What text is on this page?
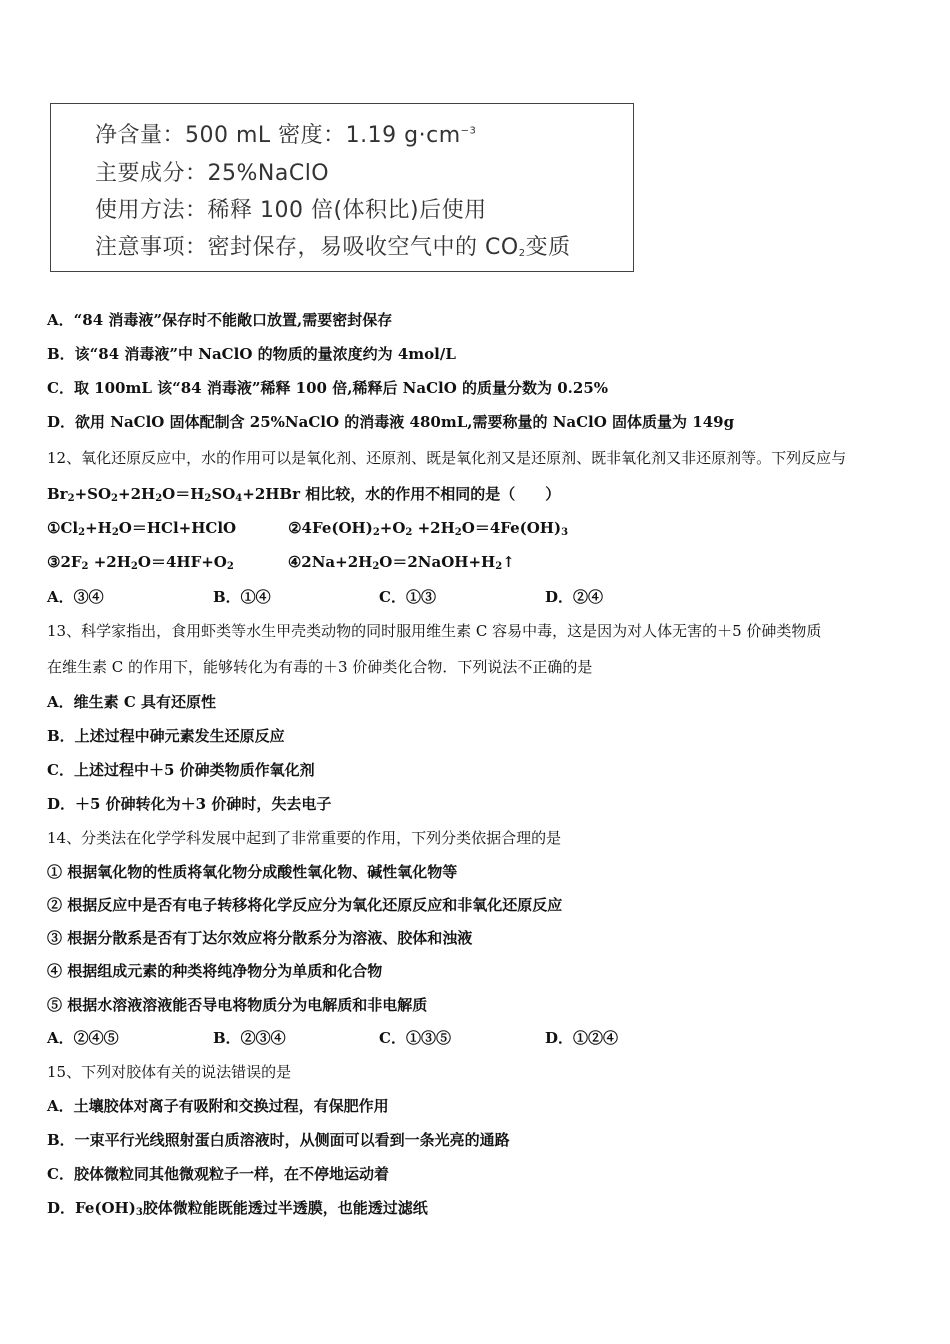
净含量：500 mL 密度：1.19 $g\cdot cm^{-3}$
主要成分：25%NaClO
使用方法：稀释 100 倍(体积比)后使用
注意事项：密封保存，易吸收空气中的 $CO_2$变质
A．“84 消毒液”保存时不能敞口放置,需要密封保存
B．该“84 消毒液”中 NaClO 的物质的量浓度约为 4mol/L
C．取 100mL 该“84 消毒液”稀释 100 倍,稀释后 NaClO 的质量分数为 0.25%
D．欲用 NaClO 固体配制含 25%NaClO 的消毒液 480mL,需要称量的 NaClO 固体质量为 149g
12、氧化还原反应中，水的作用可以是氧化剂、还原剂、既是氧化剂又是还原剂、既非氧化剂又非还原剂等。下列反应与
$Br_2+SO_2+2H_2O=H_2SO_4+2HBr$ 相比较，水的作用不相同的是（　　）
$①Cl_2+H_2O=HCl+HClO$	$②4Fe(OH)_2+O_2 +2H_2O=4Fe(OH)_3$
$③2F_2 +2H_2O=4HF+O_2$	$④2Na+2H_2O=2NaOH+H_2↑$
A．③④	B．①④	C．①③	D．②④
13、科学家指出，食用虾类等水生甲壳类动物的同时服用维生素 C 容易中毒，这是因为对人体无害的＋5 价砷类物质
在维生素 C 的作用下，能够转化为有毒的＋3 价砷类化合物．下列说法不正确的是
A．维生素 C 具有还原性
B．上述过程中砷元素发生还原反应
C．上述过程中＋5 价砷类物质作氧化剂
D．＋5 价砷转化为＋3 价砷时，失去电子
14、分类法在化学学科发展中起到了非常重要的作用，下列分类依据合理的是
① 根据氧化物的性质将氧化物分成酸性氧化物、碱性氧化物等
② 根据反应中是否有电子转移将化学反应分为氧化还原反应和非氧化还原反应
③ 根据分散系是否有丁达尔效应将分散系分为溶液、胶体和浊液
④ 根据组成元素的种类将纯净物分为单质和化合物
⑤ 根据水溶液溶液能否导电将物质分为电解质和非电解质
A．②④⑤	B．②③④	C．①③⑤	D．①②④
15、下列对胶体有关的说法错误的是
A．土壤胶体对离子有吸附和交换过程，有保肥作用
B．一束平行光线照射蛋白质溶液时，从侧面可以看到一条光亮的通路
C．胶体微粒同其他微观粒子一样，在不停地运动着
D．$Fe(OH)_3$胶体微粒能既能透过半透膜，也能透过滤纸
